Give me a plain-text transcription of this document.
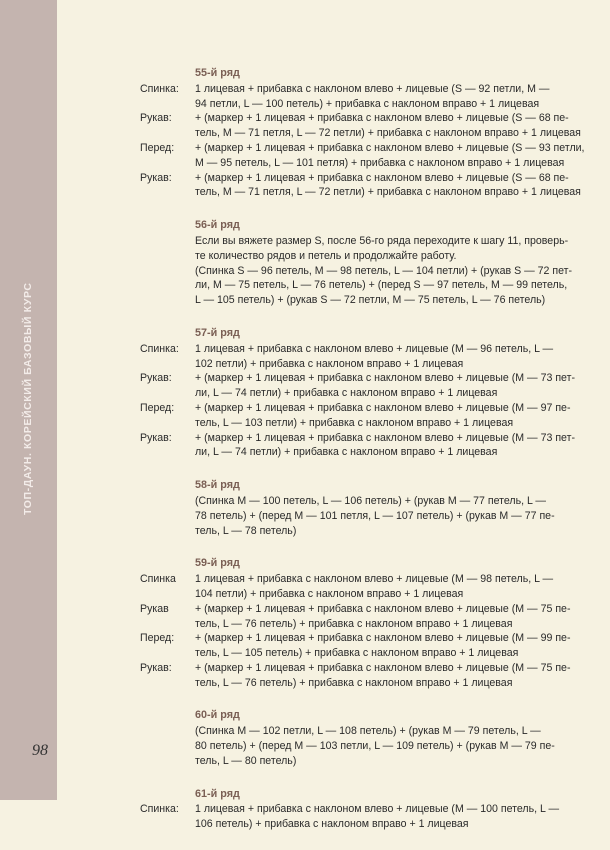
ТОП-ДАУН. КОРЕЙСКИЙ БАЗОВЫЙ КУРС
98
55-й ряд
Спинка:	1 лицевая + прибавка с наклоном влево + лицевые (S — 92 петли, M —
94 петли, L — 100 петель) + прибавка с наклоном вправо + 1 лицевая
Рукав:	+ (маркер + 1 лицевая + прибавка с наклоном влево + лицевые (S — 68 пе-
тель, M — 71 петля, L — 72 петли) + прибавка с наклоном вправо + 1 лицевая
Перед:	+ (маркер + 1 лицевая + прибавка с наклоном влево + лицевые (S — 93 петли,
M — 95 петель, L — 101 петля) + прибавка с наклоном вправо + 1 лицевая
Рукав:	+ (маркер + 1 лицевая + прибавка с наклоном влево + лицевые (S — 68 пе-
тель, M — 71 петля, L — 72 петли) + прибавка с наклоном вправо + 1 лицевая
56-й ряд
Если вы вяжете размер S, после 56-го ряда переходите к шагу 11, проверь-
те количество рядов и петель и продолжайте работу.
(Спинка S — 96 петель, M — 98 петель, L — 104 петли) + (рукав S — 72 пет-
ли, M — 75 петель, L — 76 петель) + (перед S — 97 петель, M — 99 петель,
L — 105 петель) + (рукав S — 72 петли, M — 75 петель, L — 76 петель)
57-й ряд
Спинка:	1 лицевая + прибавка с наклоном влево + лицевые (M — 96 петель, L —
102 петли) + прибавка с наклоном вправо + 1 лицевая
Рукав:	+ (маркер + 1 лицевая + прибавка с наклоном влево + лицевые (M — 73 пет-
ли, L — 74 петли) + прибавка с наклоном вправо + 1 лицевая
Перед:	+ (маркер + 1 лицевая + прибавка с наклоном влево + лицевые (M — 97 пе-
тель, L — 103 петли) + прибавка с наклоном вправо + 1 лицевая
Рукав:	+ (маркер + 1 лицевая + прибавка с наклоном влево + лицевые (M — 73 пет-
ли, L — 74 петли) + прибавка с наклоном вправо + 1 лицевая
58-й ряд
(Спинка M — 100 петель, L — 106 петель) + (рукав M — 77 петель, L —
78 петель) + (перед M — 101 петля, L — 107 петель) + (рукав M — 77 пе-
тель, L — 78 петель)
59-й ряд
Спинка	1 лицевая + прибавка с наклоном влево + лицевые (M — 98 петель, L —
104 петли) + прибавка с наклоном вправо + 1 лицевая
Рукав	+ (маркер + 1 лицевая + прибавка с наклоном влево + лицевые (M — 75 пе-
тель, L — 76 петель) + прибавка с наклоном вправо + 1 лицевая
Перед:	+ (маркер + 1 лицевая + прибавка с наклоном влево + лицевые (M — 99 пе-
тель, L — 105 петель) + прибавка с наклоном вправо + 1 лицевая
Рукав:	+ (маркер + 1 лицевая + прибавка с наклоном влево + лицевые (M — 75 пе-
тель, L — 76 петель) + прибавка с наклоном вправо + 1 лицевая
60-й ряд
(Спинка M — 102 петли, L — 108 петель) + (рукав M — 79 петель, L —
80 петель) + (перед M — 103 петли, L — 109 петель) + (рукав M — 79 пе-
тель, L — 80 петель)
61-й ряд
Спинка:	1 лицевая + прибавка с наклоном влево + лицевые (M — 100 петель, L —
106 петель) + прибавка с наклоном вправо + 1 лицевая
